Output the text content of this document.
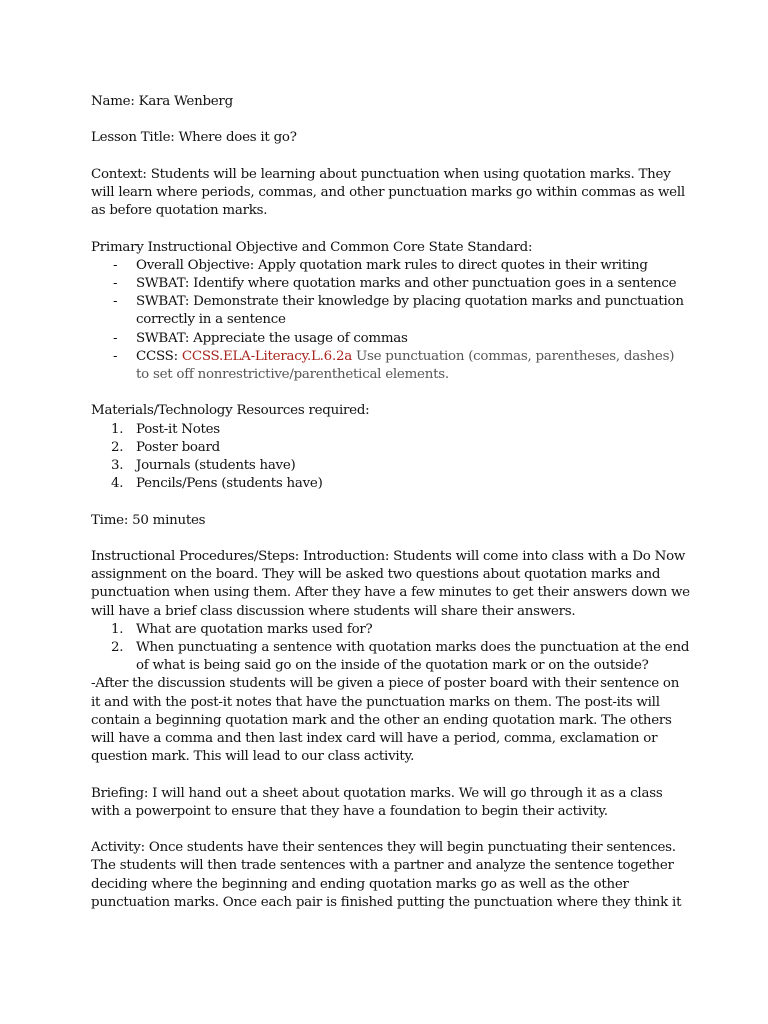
Name: Kara Wenberg

Lesson Title: Where does it go?

Context: Students will be learning about punctuation when using quotation marks. They will learn where periods, commas, and other punctuation marks go within commas as well as before quotation marks.

Primary Instructional Objective and Common Core State Standard:

- Overall Objective: Apply quotation mark rules to direct quotes in their writing
- SWBAT: Identify where quotation marks and other punctuation goes in a sentence
- SWBAT: Demonstrate their knowledge by placing quotation marks and punctuation correctly in a sentence
- SWBAT: Appreciate the usage of commas
- CCSS: CCSS.ELA-Literacy.L.6.2a Use punctuation (commas, parentheses, dashes) to set off nonrestrictive/parenthetical elements.

Materials/Technology Resources required:

1. Post-it Notes
2. Poster board
3. Journals (students have)
4. Pencils/Pens (students have)

Time: 50 minutes

Instructional Procedures/Steps: Introduction: Students will come into class with a Do Now assignment on the board. They will be asked two questions about quotation marks and punctuation when using them. After they have a few minutes to get their answers down we will have a brief class discussion where students will share their answers.

1. What are quotation marks used for?
2. When punctuating a sentence with quotation marks does the punctuation at the end of what is being said go on the inside of the quotation mark or on the outside?

-After the discussion students will be given a piece of poster board with their sentence on it and with the post-it notes that have the punctuation marks on them. The post-its will contain a beginning quotation mark and the other an ending quotation mark. The others will have a comma and then last index card will have a period, comma, exclamation or question mark. This will lead to our class activity.

Briefing: I will hand out a sheet about quotation marks. We will go through it as a class with a powerpoint to ensure that they have a foundation to begin their activity.

Activity: Once students have their sentences they will begin punctuating their sentences. The students will then trade sentences with a partner and analyze the sentence together deciding where the beginning and ending quotation marks go as well as the other punctuation marks. Once each pair is finished putting the punctuation where they think it
